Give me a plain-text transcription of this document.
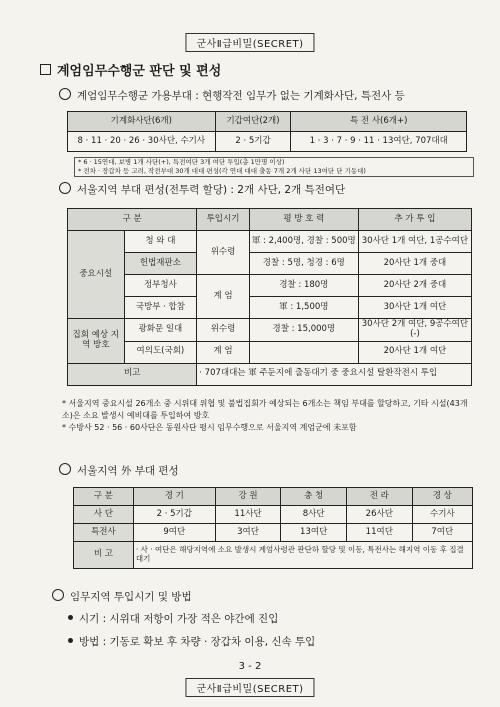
군사Ⅱ급비밀(SECRET)
계엄임무수행군 판단 및 편성
계엄임무수행군 가용부대 : 현행작전 임무가 없는 기계화사단, 특전사 등
기계화사단(6개)	기갑여단(2개)	특 전 사(6개+)
8 · 11 · 20 · 26 · 30사단, 수기사	2 · 5기갑	1 · 3 · 7 · 9 · 11 · 13여단, 707대대
* 6 · 15연대, 보병 1개 사단(+), 특전여단 3개 여단 투입(총 1만명 이상)
* 전차 · 장갑차 등 고려, 작전부대 30개 대대 편성(각 연대 대대 출동 7개 2개 사단 13여단 단 기동대)
서울지역 부대 편성(전투력 할당) : 2개 사단, 2개 특전여단
구 분		투입시기	평 방 호 력	추 가 투 입
중요시설	청 와 대	위수령	軍 : 2,400명, 경찰 : 500명	30사단 1개 여단, 1공수여단
	헌법재판소		경찰 : 5명, 청경 : 6명	20사단 1개 중대
	정부청사	계 엄	경찰 : 180명	20사단 2개 중대
	국방부 · 합참		軍 : 1,500명	30사단 1개 여단
집회 예상 지역 방호	광화문 일대	위수령	경찰 : 15,000명	30사단 2개 여단, 9공수여단(-)
	여의도(국회)	계 엄		20사단 1개 여단
비고		· 707대대는 軍 주둔지에 출동대기 중 중요시설 탈환작전시 투입		
* 서울지역 중요시설 26개소 중 시위대 위협 및 불법집회가 예상되는 6개소는 책임 부대를 할당하고, 기타 시설(43개소)은 소요 발생시 예비대를 투입하여 방호
* 수방사 52 · 56 · 60사단은 동원사단 평시 임무수행으로 서울지역 계엄군에 未포함
서울지역 外 부대 편성
구 분	경 기	강 원	충 청	전 라	경 상
사 단	2 · 5기갑	11사단	8사단	26사단	수기사
특전사	9여단	3여단	13여단	11여단	7여단
비 고	· 사 · 여단은 해당지역에 소요 발생시 계엄사령관 판단하 할당 및 이동, 특전사는 해지역 이동 후 집결 대기				
임무지역 투입시기 및 방법
시기 : 시위대 저항이 가장 적은 야간에 진입
방법 : 기동로 확보 후 차량 · 장갑차 이용, 신속 투입
3 - 2
군사Ⅱ급비밀(SECRET)
